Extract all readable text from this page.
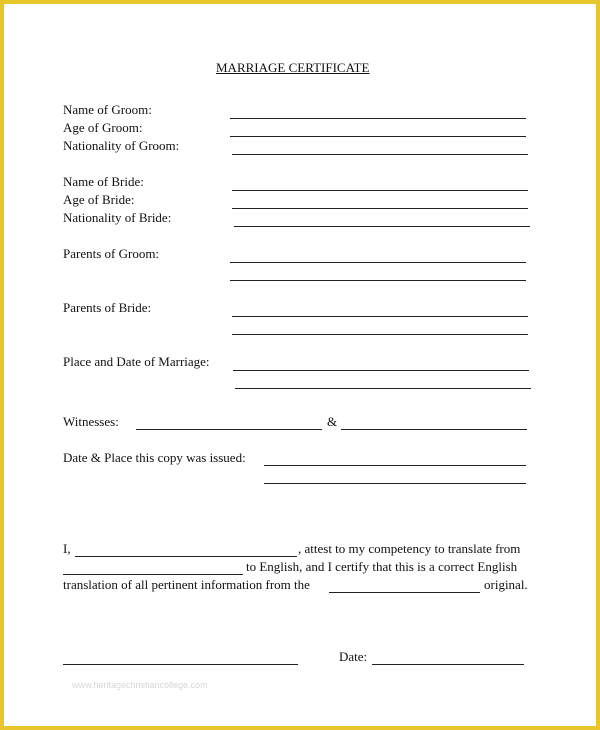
MARRIAGE CERTIFICATE
Name of Groom:
Age of Groom:
Nationality of Groom:
Name of Bride:
Age of Bride:
Nationality of Bride:
Parents of Groom:
Parents of Bride:
Place and Date of Marriage:
Witnesses:	&
Date & Place this copy was issued:
I,	, attest to my competency to translate from
to English, and I certify that this is a correct English
translation of all pertinent information from the	original.
Date:
www.heritagechristiancollege.com
